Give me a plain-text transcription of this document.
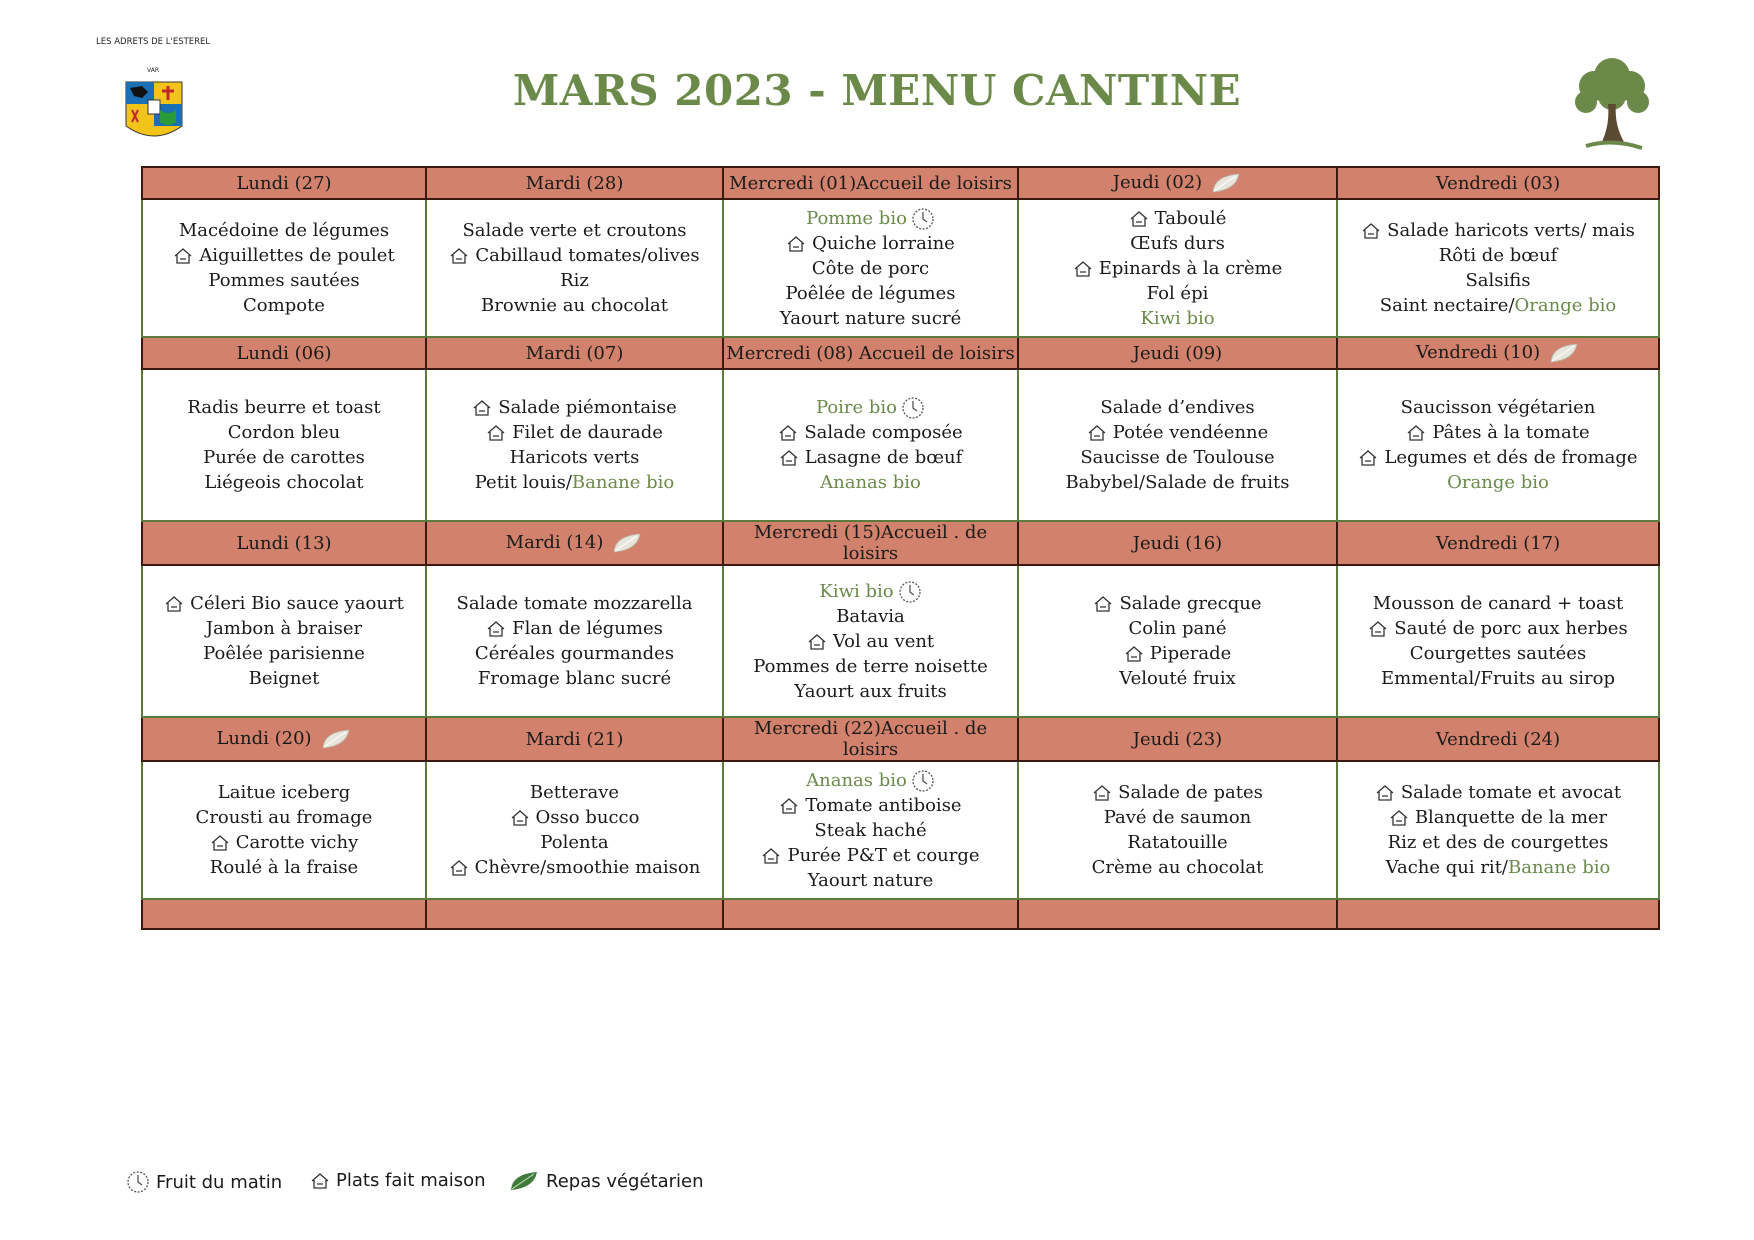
MARS 2023 - MENU CANTINE
LES ADRETS DE L'ESTEREL
VAR
Lundi (27)	Mardi (28)	Mercredi (01)Accueil de loisirs	Jeudi (02)	Vendredi (03)

Macédoine de légumes
Aiguillettes de poulet
Pommes sautées
Compote	Salade verte et croutons
Cabillaud tomates/olives
Riz
Brownie au chocolat	Pomme bio
Quiche lorraine
Côte de porc
Poêlée de légumes
Yaourt nature sucré	Taboulé
Œufs durs
Epinards à la crème
Fol épi
Kiwi bio	Salade haricots verts/ mais
Rôti de bœuf
Salsifis
Saint nectaire/Orange bio

Lundi (06)	Mardi (07)	Mercredi (08) Accueil de loisirs	Jeudi (09)	Vendredi (10)

Radis beurre et toast
Cordon bleu
Purée de carottes
Liégeois chocolat	Salade piémontaise
Filet de daurade
Haricots verts
Petit louis/Banane bio	Poire bio
Salade composée
Lasagne de bœuf
Ananas bio	Salade d’endives
Potée vendéenne
Saucisse de Toulouse
Babybel/Salade de fruits	Saucisson végétarien
Pâtes à la tomate
Legumes et dés de fromage
Orange bio

Lundi (13)	Mardi (14)	Mercredi (15)Accueil . de loisirs	Jeudi (16)	Vendredi (17)

Céleri Bio sauce yaourt
Jambon à braiser
Poêlée parisienne
Beignet	Salade tomate mozzarella
Flan de légumes
Céréales gourmandes
Fromage blanc sucré	Kiwi bio
Batavia
Vol au vent
Pommes de terre noisette
Yaourt aux fruits	Salade grecque
Colin pané
Piperade
Velouté fruix	Mousson de canard + toast
Sauté de porc aux herbes
Courgettes sautées
Emmental/Fruits au sirop

Lundi (20)	Mardi (21)	Mercredi (22)Accueil . de loisirs	Jeudi (23)	Vendredi (24)

Laitue iceberg
Crousti au fromage
Carotte vichy
Roulé à la fraise	Betterave
Osso bucco
Polenta
Chèvre/smoothie maison	Ananas bio
Tomate antiboise
Steak haché
Purée P&T et courge
Yaourt nature	Salade de pates
Pavé de saumon
Ratatouille
Crème au chocolat	Salade tomate et avocat
Blanquette de la mer
Riz et des de courgettes
Vache qui rit/Banane bio

Fruit du matin	Plats fait maison	Repas végétarien
